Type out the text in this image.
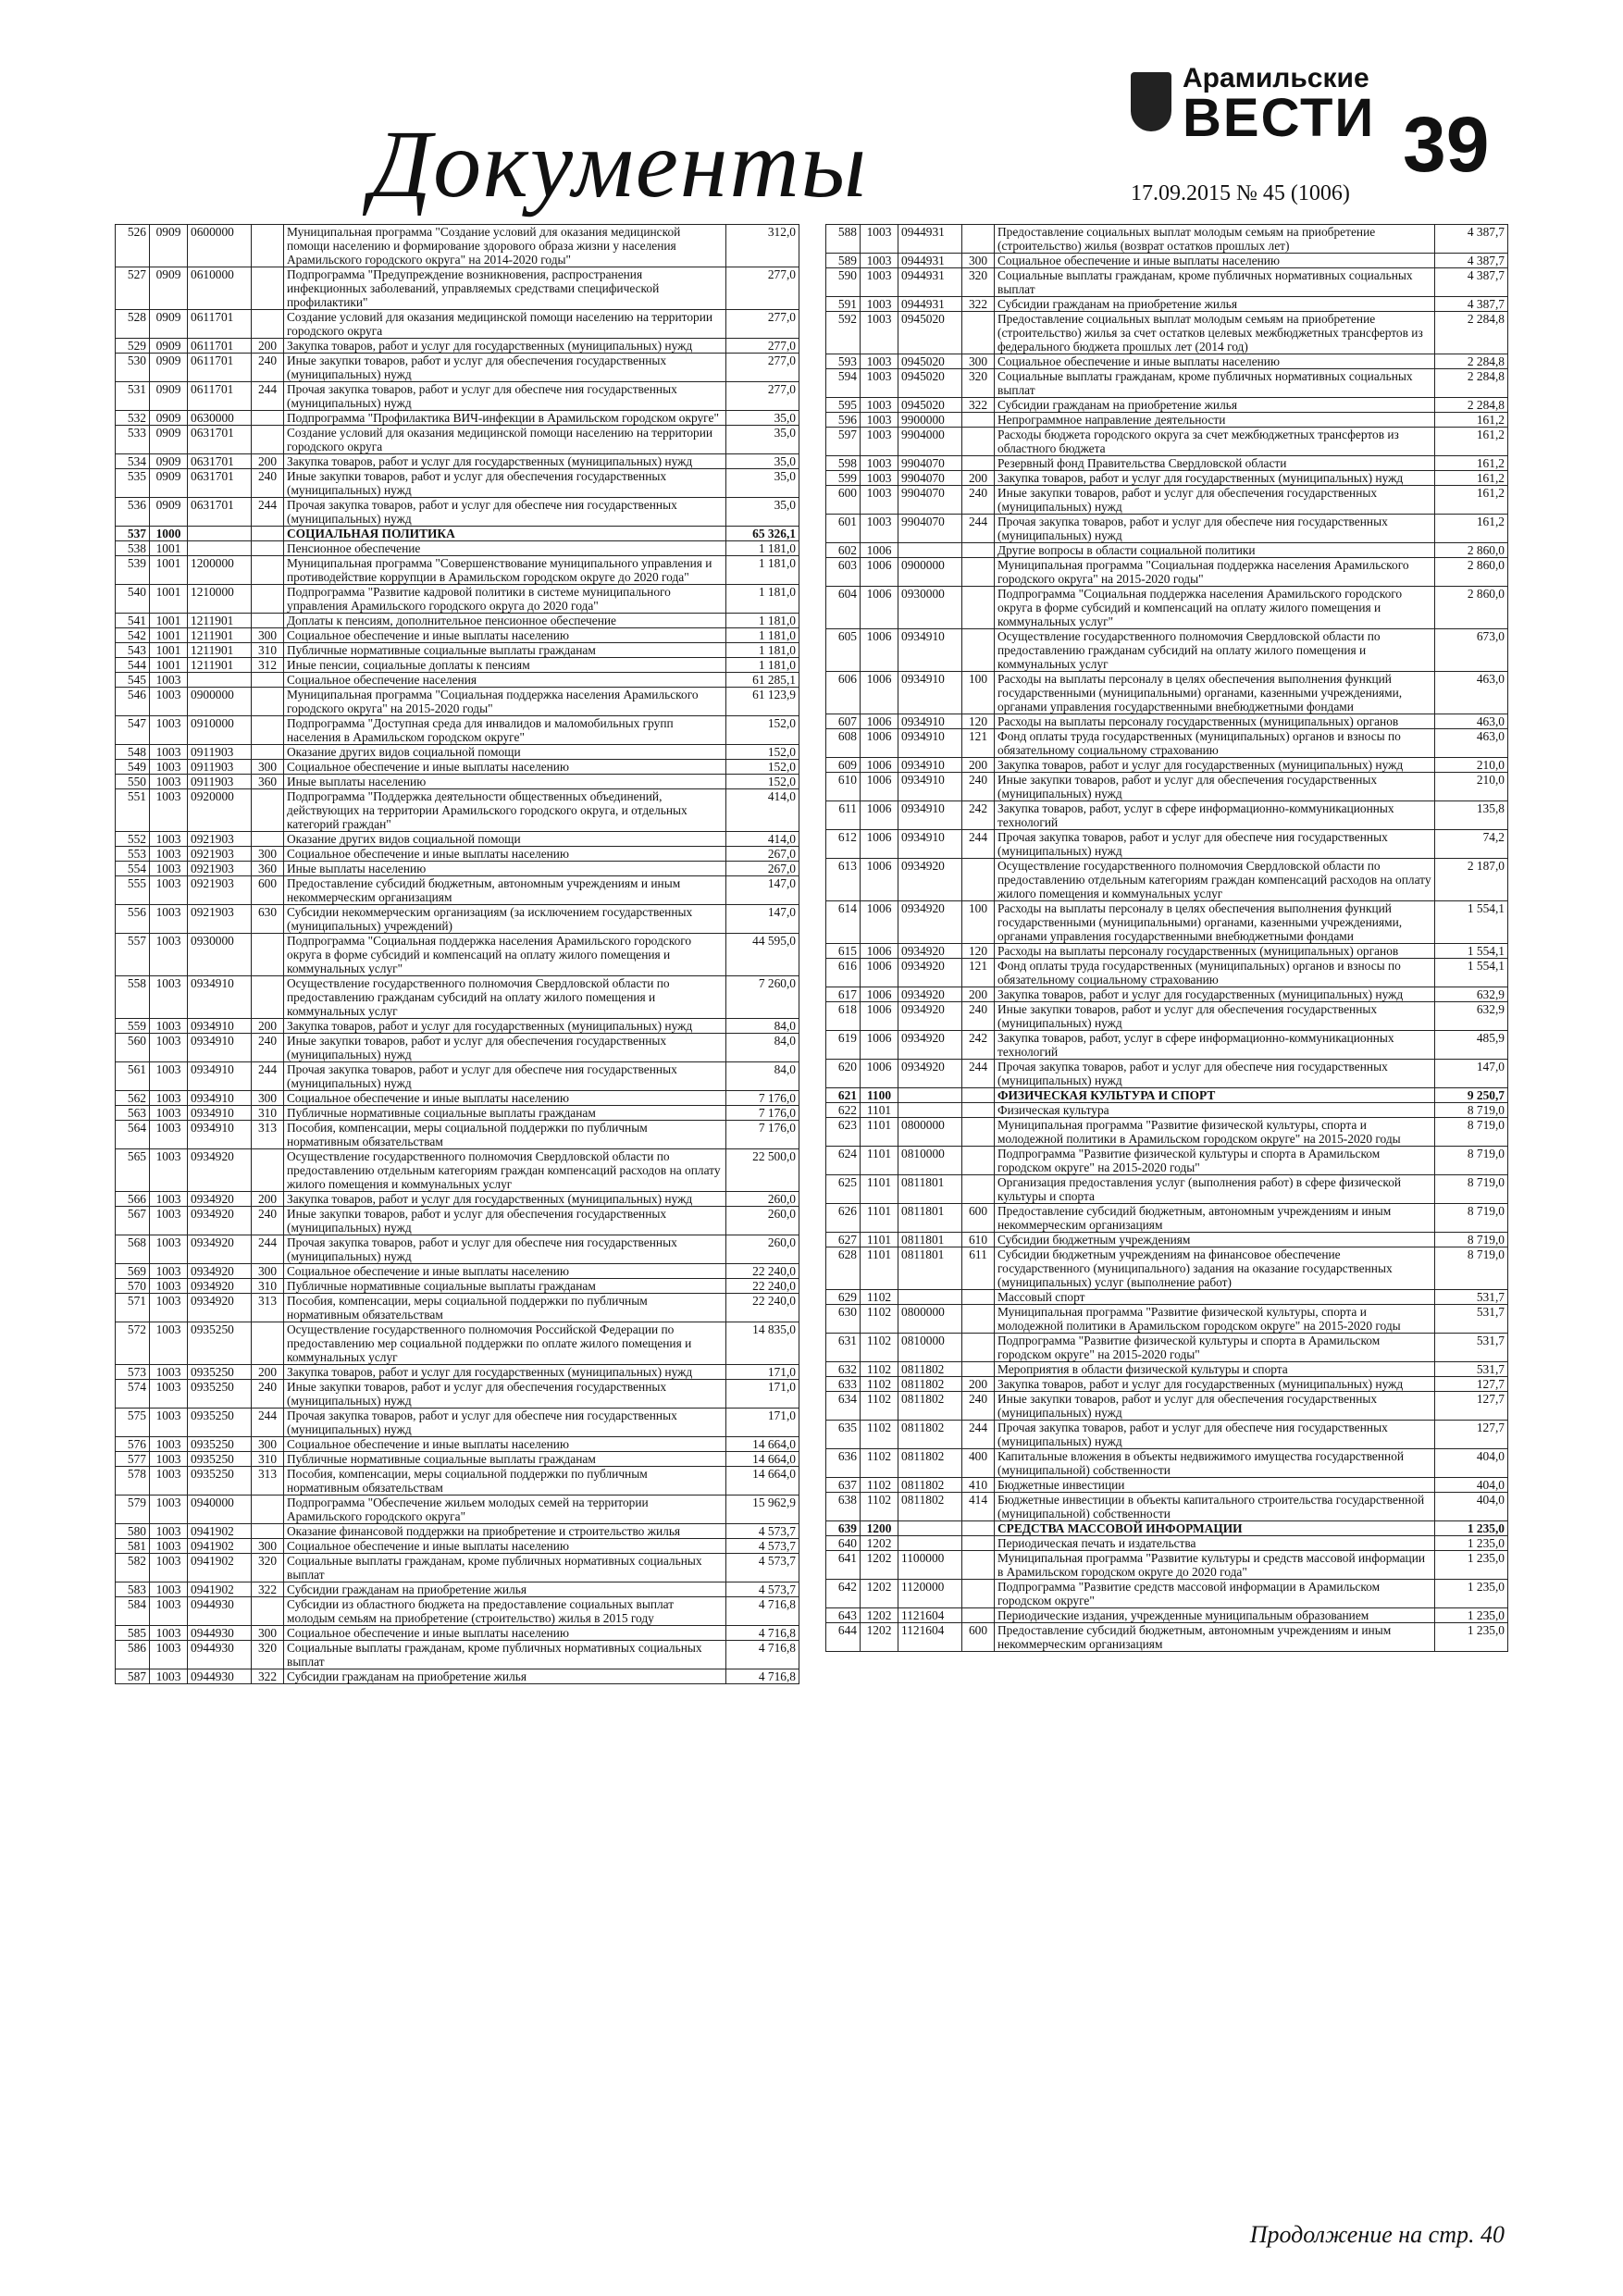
Документы
Арамильские
ВЕСТИ
17.09.2015 № 45 (1006)
39
526	0909	0600000		Муниципальная программа "Создание условий для оказания медицинской помощи населению и формирование здорового образа жизни у населения Арамильского городского округа" на 2014-2020 годы"	312,0
527	0909	0610000		Подпрограмма "Предупреждение возникновения, распространения инфекционных заболеваний, управляемых средствами специфической профилактики"	277,0
528	0909	0611701		Создание условий для оказания медицинской помощи населению на территории городского округа	277,0
529	0909	0611701	200	Закупка товаров, работ и услуг для государственных (муниципальных) нужд	277,0
530	0909	0611701	240	Иные закупки товаров, работ и услуг для обеспечения государственных (муниципальных) нужд	277,0
531	0909	0611701	244	Прочая закупка товаров, работ и услуг для обеспече ния государственных (муниципальных) нужд	277,0
532	0909	0630000		Подпрограмма "Профилактика ВИЧ-инфекции в Арамильском городском округе"	35,0
533	0909	0631701		Создание условий для оказания медицинской помощи населению на территории городского округа	35,0
534	0909	0631701	200	Закупка товаров, работ и услуг для государственных (муниципальных) нужд	35,0
535	0909	0631701	240	Иные закупки товаров, работ и услуг для обеспечения государственных (муниципальных) нужд	35,0
536	0909	0631701	244	Прочая закупка товаров, работ и услуг для обеспече ния государственных (муниципальных) нужд	35,0
537	1000			СОЦИАЛЬНАЯ ПОЛИТИКА	65 326,1
538	1001			Пенсионное обеспечение	1 181,0
539	1001	1200000		Муниципальная программа "Совершенствование муниципального управления и противодействие коррупции в Арамильском городском округе до 2020 года"	1 181,0
540	1001	1210000		Подпрограмма "Развитие кадровой политики в системе муниципального управления Арамильского городского округа до 2020 года"	1 181,0
541	1001	1211901		Доплаты к пенсиям, дополнительное пенсионное обеспечение	1 181,0
542	1001	1211901	300	Социальное обеспечение и иные выплаты населению	1 181,0
543	1001	1211901	310	Публичные нормативные социальные выплаты гражданам	1 181,0
544	1001	1211901	312	Иные пенсии, социальные доплаты к пенсиям	1 181,0
545	1003			Социальное обеспечение населения	61 285,1
546	1003	0900000		Муниципальная программа "Социальная поддержка населения Арамильского городского округа" на 2015-2020 годы"	61 123,9
547	1003	0910000		Подпрограмма "Доступная среда для инвалидов и маломобильных групп населения в Арамильском городском округе"	152,0
548	1003	0911903		Оказание других видов социальной помощи	152,0
549	1003	0911903	300	Социальное обеспечение и иные выплаты населению	152,0
550	1003	0911903	360	Иные выплаты населению	152,0
551	1003	0920000		Подпрограмма "Поддержка деятельности общественных объединений, действующих на территории Арамильского городского округа, и отдельных категорий граждан"	414,0
552	1003	0921903		Оказание других видов социальной помощи	414,0
553	1003	0921903	300	Социальное обеспечение и иные выплаты населению	267,0
554	1003	0921903	360	Иные выплаты населению	267,0
555	1003	0921903	600	Предоставление субсидий бюджетным, автономным учреждениям и иным некоммерческим организациям	147,0
556	1003	0921903	630	Субсидии некоммерческим организациям (за исключением государственных (муниципальных) учреждений)	147,0
557	1003	0930000		Подпрограмма "Социальная поддержка населения Арамильского городского округа в форме субсидий и компенсаций на оплату жилого помещения и коммунальных услуг"	44 595,0
558	1003	0934910		Осуществление государственного полномочия Свердловской области по предоставлению гражданам субсидий на оплату жилого помещения и коммунальных услуг	7 260,0
559	1003	0934910	200	Закупка товаров, работ и услуг для государственных (муниципальных) нужд	84,0
560	1003	0934910	240	Иные закупки товаров, работ и услуг для обеспечения государственных (муниципальных) нужд	84,0
561	1003	0934910	244	Прочая закупка товаров, работ и услуг для обеспече ния государственных (муниципальных) нужд	84,0
562	1003	0934910	300	Социальное обеспечение и иные выплаты населению	7 176,0
563	1003	0934910	310	Публичные нормативные социальные выплаты гражданам	7 176,0
564	1003	0934910	313	Пособия, компенсации, меры социальной поддержки по публичным нормативным обязательствам	7 176,0
565	1003	0934920		Осуществление государственного полномочия Свердловской области по предоставлению отдельным категориям граждан компенсаций расходов на оплату жилого помещения и коммунальных услуг	22 500,0
566	1003	0934920	200	Закупка товаров, работ и услуг для государственных (муниципальных) нужд	260,0
567	1003	0934920	240	Иные закупки товаров, работ и услуг для обеспечения государственных (муниципальных) нужд	260,0
568	1003	0934920	244	Прочая закупка товаров, работ и услуг для обеспече ния государственных (муниципальных) нужд	260,0
569	1003	0934920	300	Социальное обеспечение и иные выплаты населению	22 240,0
570	1003	0934920	310	Публичные нормативные социальные выплаты гражданам	22 240,0
571	1003	0934920	313	Пособия, компенсации, меры социальной поддержки по публичным нормативным обязательствам	22 240,0
572	1003	0935250		Осуществление государственного полномочия Российской Федерации по предоставлению мер социальной поддержки по оплате жилого помещения и коммунальных услуг	14 835,0
573	1003	0935250	200	Закупка товаров, работ и услуг для государственных (муниципальных) нужд	171,0
574	1003	0935250	240	Иные закупки товаров, работ и услуг для обеспечения государственных (муниципальных) нужд	171,0
575	1003	0935250	244	Прочая закупка товаров, работ и услуг для обеспече ния государственных (муниципальных) нужд	171,0
576	1003	0935250	300	Социальное обеспечение и иные выплаты населению	14 664,0
577	1003	0935250	310	Публичные нормативные социальные выплаты гражданам	14 664,0
578	1003	0935250	313	Пособия, компенсации, меры социальной поддержки по публичным нормативным обязательствам	14 664,0
579	1003	0940000		Подпрограмма "Обеспечение жильем молодых семей на территории Арамильского городского округа"	15 962,9
580	1003	0941902		Оказание финансовой поддержки на приобретение и строительство жилья	4 573,7
581	1003	0941902	300	Социальное обеспечение и иные выплаты населению	4 573,7
582	1003	0941902	320	Социальные выплаты гражданам, кроме публичных нормативных социальных выплат	4 573,7
583	1003	0941902	322	Субсидии гражданам на приобретение жилья	4 573,7
584	1003	0944930		Субсидии из областного бюджета на предоставление социальных выплат молодым семьям на приобретение (строительство) жилья в 2015 году	4 716,8
585	1003	0944930	300	Социальное обеспечение и иные выплаты населению	4 716,8
586	1003	0944930	320	Социальные выплаты гражданам, кроме публичных нормативных социальных выплат	4 716,8
587	1003	0944930	322	Субсидии гражданам на приобретение жилья	4 716,8
588	1003	0944931		Предоставление социальных выплат молодым семьям на приобретение (строительство) жилья (возврат остатков прошлых лет)	4 387,7
589	1003	0944931	300	Социальное обеспечение и иные выплаты населению	4 387,7
590	1003	0944931	320	Социальные выплаты гражданам, кроме публичных нормативных социальных выплат	4 387,7
591	1003	0944931	322	Субсидии гражданам на приобретение жилья	4 387,7
592	1003	0945020		Предоставление социальных выплат молодым семьям на приобретение (строительство) жилья за счет остатков целевых межбюджетных трансфертов из федерального бюджета прошлых лет (2014 год)	2 284,8
593	1003	0945020	300	Социальное обеспечение и иные выплаты населению	2 284,8
594	1003	0945020	320	Социальные выплаты гражданам, кроме публичных нормативных социальных выплат	2 284,8
595	1003	0945020	322	Субсидии гражданам на приобретение жилья	2 284,8
596	1003	9900000		Непрограммное направление деятельности	161,2
597	1003	9904000		Расходы бюджета городского округа за счет межбюджетных трансфертов из областного бюджета	161,2
598	1003	9904070		Резервный фонд Правительства Свердловской области	161,2
599	1003	9904070	200	Закупка товаров, работ и услуг для государственных (муниципальных) нужд	161,2
600	1003	9904070	240	Иные закупки товаров, работ и услуг для обеспечения государственных (муниципальных) нужд	161,2
601	1003	9904070	244	Прочая закупка товаров, работ и услуг для обеспече ния государственных (муниципальных) нужд	161,2
602	1006			Другие вопросы в области социальной политики	2 860,0
603	1006	0900000		Муниципальная программа "Социальная поддержка населения Арамильского городского округа" на 2015-2020 годы"	2 860,0
604	1006	0930000		Подпрограмма "Социальная поддержка населения Арамильского городского округа в форме субсидий и компенсаций на оплату жилого помещения и коммунальных услуг"	2 860,0
605	1006	0934910		Осуществление государственного полномочия Свердловской области по предоставлению гражданам субсидий на оплату жилого помещения и коммунальных услуг	673,0
606	1006	0934910	100	Расходы на выплаты персоналу в целях обеспечения выполнения функций государственными (муниципальными) органами, казенными учреждениями, органами управления государственными внебюджетными фондами	463,0
607	1006	0934910	120	Расходы на выплаты персоналу государственных (муниципальных) органов	463,0
608	1006	0934910	121	Фонд оплаты труда государственных (муниципальных) органов и взносы по обязательному социальному страхованию	463,0
609	1006	0934910	200	Закупка товаров, работ и услуг для государственных (муниципальных) нужд	210,0
610	1006	0934910	240	Иные закупки товаров, работ и услуг для обеспечения государственных (муниципальных) нужд	210,0
611	1006	0934910	242	Закупка товаров, работ, услуг в сфере информационно-коммуникационных технологий	135,8
612	1006	0934910	244	Прочая закупка товаров, работ и услуг для обеспече ния государственных (муниципальных) нужд	74,2
613	1006	0934920		Осуществление государственного полномочия Свердловской области по предоставлению отдельным категориям граждан компенсаций расходов на оплату жилого помещения и коммунальных услуг	2 187,0
614	1006	0934920	100	Расходы на выплаты персоналу в целях обеспечения выполнения функций государственными (муниципальными) органами, казенными учреждениями, органами управления государственными внебюджетными фондами	1 554,1
615	1006	0934920	120	Расходы на выплаты персоналу государственных (муниципальных) органов	1 554,1
616	1006	0934920	121	Фонд оплаты труда государственных (муниципальных) органов и взносы по обязательному социальному страхованию	1 554,1
617	1006	0934920	200	Закупка товаров, работ и услуг для государственных (муниципальных) нужд	632,9
618	1006	0934920	240	Иные закупки товаров, работ и услуг для обеспечения государственных (муниципальных) нужд	632,9
619	1006	0934920	242	Закупка товаров, работ, услуг в сфере информационно-коммуникационных технологий	485,9
620	1006	0934920	244	Прочая закупка товаров, работ и услуг для обеспече ния государственных (муниципальных) нужд	147,0
621	1100			ФИЗИЧЕСКАЯ КУЛЬТУРА И СПОРТ	9 250,7
622	1101			Физическая культура	8 719,0
623	1101	0800000		Муниципальная программа "Развитие физической культуры, спорта и молодежной политики в Арамильском городском округе" на 2015-2020 годы	8 719,0
624	1101	0810000		Подпрограмма "Развитие физической культуры и спорта в Арамильском городском округе" на 2015-2020 годы"	8 719,0
625	1101	0811801		Организация предоставления услуг (выполнения работ) в сфере физической культуры и спорта	8 719,0
626	1101	0811801	600	Предоставление субсидий бюджетным, автономным учреждениям и иным некоммерческим организациям	8 719,0
627	1101	0811801	610	Субсидии бюджетным учреждениям	8 719,0
628	1101	0811801	611	Субсидии бюджетным учреждениям на финансовое обеспечение государственного (муниципального) задания на оказание государственных (муниципальных) услуг (выполнение работ)	8 719,0
629	1102			Массовый спорт	531,7
630	1102	0800000		Муниципальная программа "Развитие физической культуры, спорта и молодежной политики в Арамильском городском округе" на 2015-2020 годы	531,7
631	1102	0810000		Подпрограмма "Развитие физической культуры и спорта в Арамильском городском округе" на 2015-2020 годы"	531,7
632	1102	0811802		Мероприятия в области физической культуры и спорта	531,7
633	1102	0811802	200	Закупка товаров, работ и услуг для государственных (муниципальных) нужд	127,7
634	1102	0811802	240	Иные закупки товаров, работ и услуг для обеспечения государственных (муниципальных) нужд	127,7
635	1102	0811802	244	Прочая закупка товаров, работ и услуг для обеспече ния государственных (муниципальных) нужд	127,7
636	1102	0811802	400	Капитальные вложения в объекты недвижимого имущества государственной (муниципальной) собственности	404,0
637	1102	0811802	410	Бюджетные инвестиции	404,0
638	1102	0811802	414	Бюджетные инвестиции в объекты капитального строительства государственной (муниципальной) собственности	404,0
639	1200			СРЕДСТВА МАССОВОЙ ИНФОРМАЦИИ	1 235,0
640	1202			Периодическая печать и издательства	1 235,0
641	1202	1100000		Муниципальная программа "Развитие культуры и средств массовой информации в Арамильском городском округе до 2020 года"	1 235,0
642	1202	1120000		Подпрограмма "Развитие средств массовой информации в Арамильском городском округе"	1 235,0
643	1202	1121604		Периодические издания, учрежденные муниципальным образованием	1 235,0
644	1202	1121604	600	Предоставление субсидий бюджетным, автономным учреждениям и иным некоммерческим организациям	1 235,0
Продолжение на стр. 40
